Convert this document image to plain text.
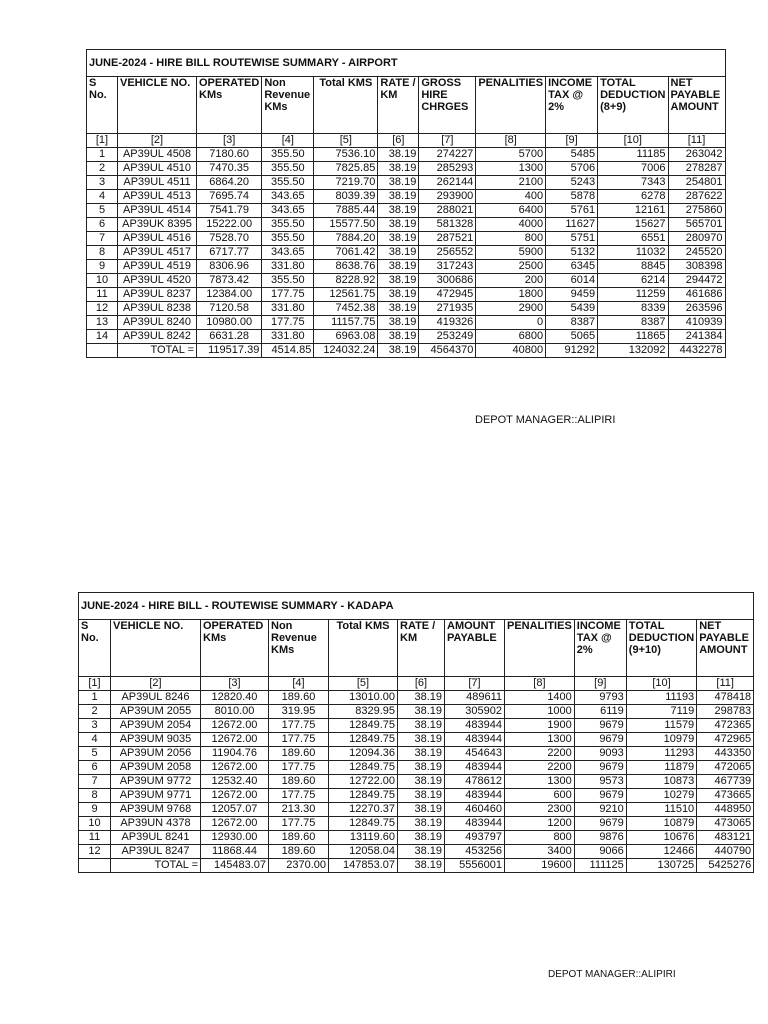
JUNE-2024 - HIRE BILL ROUTEWISE SUMMARY - AIRPORT										
S No.	VEHICLE NO.	OPERATED KMs	Non Revenue KMs	Total KMS	RATE / KM	GROSS HIRE CHRGES	PENALITIES	INCOME TAX @ 2%	TOTAL DEDUCTION (8+9)	NET PAYABLE AMOUNT
[1]	[2]	[3]	[4]	[5]	[6]	[7]	[8]	[9]	[10]	[11]
1	AP39UL 4508	7180.60	355.50	7536.10	38.19	274227	5700	5485	11185	263042
2	AP39UL 4510	7470.35	355.50	7825.85	38.19	285293	1300	5706	7006	278287
3	AP39UL 4511	6864.20	355.50	7219.70	38.19	262144	2100	5243	7343	254801
4	AP39UL 4513	7695.74	343.65	8039.39	38.19	293900	400	5878	6278	287622
5	AP39UL 4514	7541.79	343.65	7885.44	38.19	288021	6400	5761	12161	275860
6	AP39UK 8395	15222.00	355.50	15577.50	38.19	581328	4000	11627	15627	565701
7	AP39UL 4516	7528.70	355.50	7884.20	38.19	287521	800	5751	6551	280970
8	AP39UL 4517	6717.77	343.65	7061.42	38.19	256552	5900	5132	11032	245520
9	AP39UL 4519	8306.96	331.80	8638.76	38.19	317243	2500	6345	8845	308398
10	AP39UL 4520	7873.42	355.50	8228.92	38.19	300686	200	6014	6214	294472
11	AP39UL 8237	12384.00	177.75	12561.75	38.19	472945	1800	9459	11259	461686
12	AP39UL 8238	7120.58	331.80	7452.38	38.19	271935	2900	5439	8339	263596
13	AP39UL 8240	10980.00	177.75	11157.75	38.19	419326	0	8387	8387	410939
14	AP39UL 8242	6631.28	331.80	6963.08	38.19	253249	6800	5065	11865	241384
	TOTAL =	119517.39	4514.85	124032.24	38.19	4564370	40800	91292	132092	4432278
DEPOT MANAGER::ALIPIRI
JUNE-2024 - HIRE BILL - ROUTEWISE SUMMARY - KADAPA										
S No.	VEHICLE NO.	OPERATED KMs	Non Revenue KMs	Total KMS	RATE / KM	AMOUNT PAYABLE	PENALITIES	INCOME TAX @ 2%	TOTAL DEDUCTION (9+10)	NET PAYABLE AMOUNT
[1]	[2]	[3]	[4]	[5]	[6]	[7]	[8]	[9]	[10]	[11]
1	AP39UL 8246	12820.40	189.60	13010.00	38.19	489611	1400	9793	11193	478418
2	AP39UM 2055	8010.00	319.95	8329.95	38.19	305902	1000	6119	7119	298783
3	AP39UM 2054	12672.00	177.75	12849.75	38.19	483944	1900	9679	11579	472365
4	AP39UM 9035	12672.00	177.75	12849.75	38.19	483944	1300	9679	10979	472965
5	AP39UM 2056	11904.76	189.60	12094.36	38.19	454643	2200	9093	11293	443350
6	AP39UM 2058	12672.00	177.75	12849.75	38.19	483944	2200	9679	11879	472065
7	AP39UM 9772	12532.40	189.60	12722.00	38.19	478612	1300	9573	10873	467739
8	AP39UM 9771	12672.00	177.75	12849.75	38.19	483944	600	9679	10279	473665
9	AP39UM 9768	12057.07	213.30	12270.37	38.19	460460	2300	9210	11510	448950
10	AP39UN 4378	12672.00	177.75	12849.75	38.19	483944	1200	9679	10879	473065
11	AP39UL 8241	12930.00	189.60	13119.60	38.19	493797	800	9876	10676	483121
12	AP39UL 8247	11868.44	189.60	12058.04	38.19	453256	3400	9066	12466	440790
	TOTAL =	145483.07	2370.00	147853.07	38.19	5556001	19600	111125	130725	5425276
DEPOT MANAGER::ALIPIRI
